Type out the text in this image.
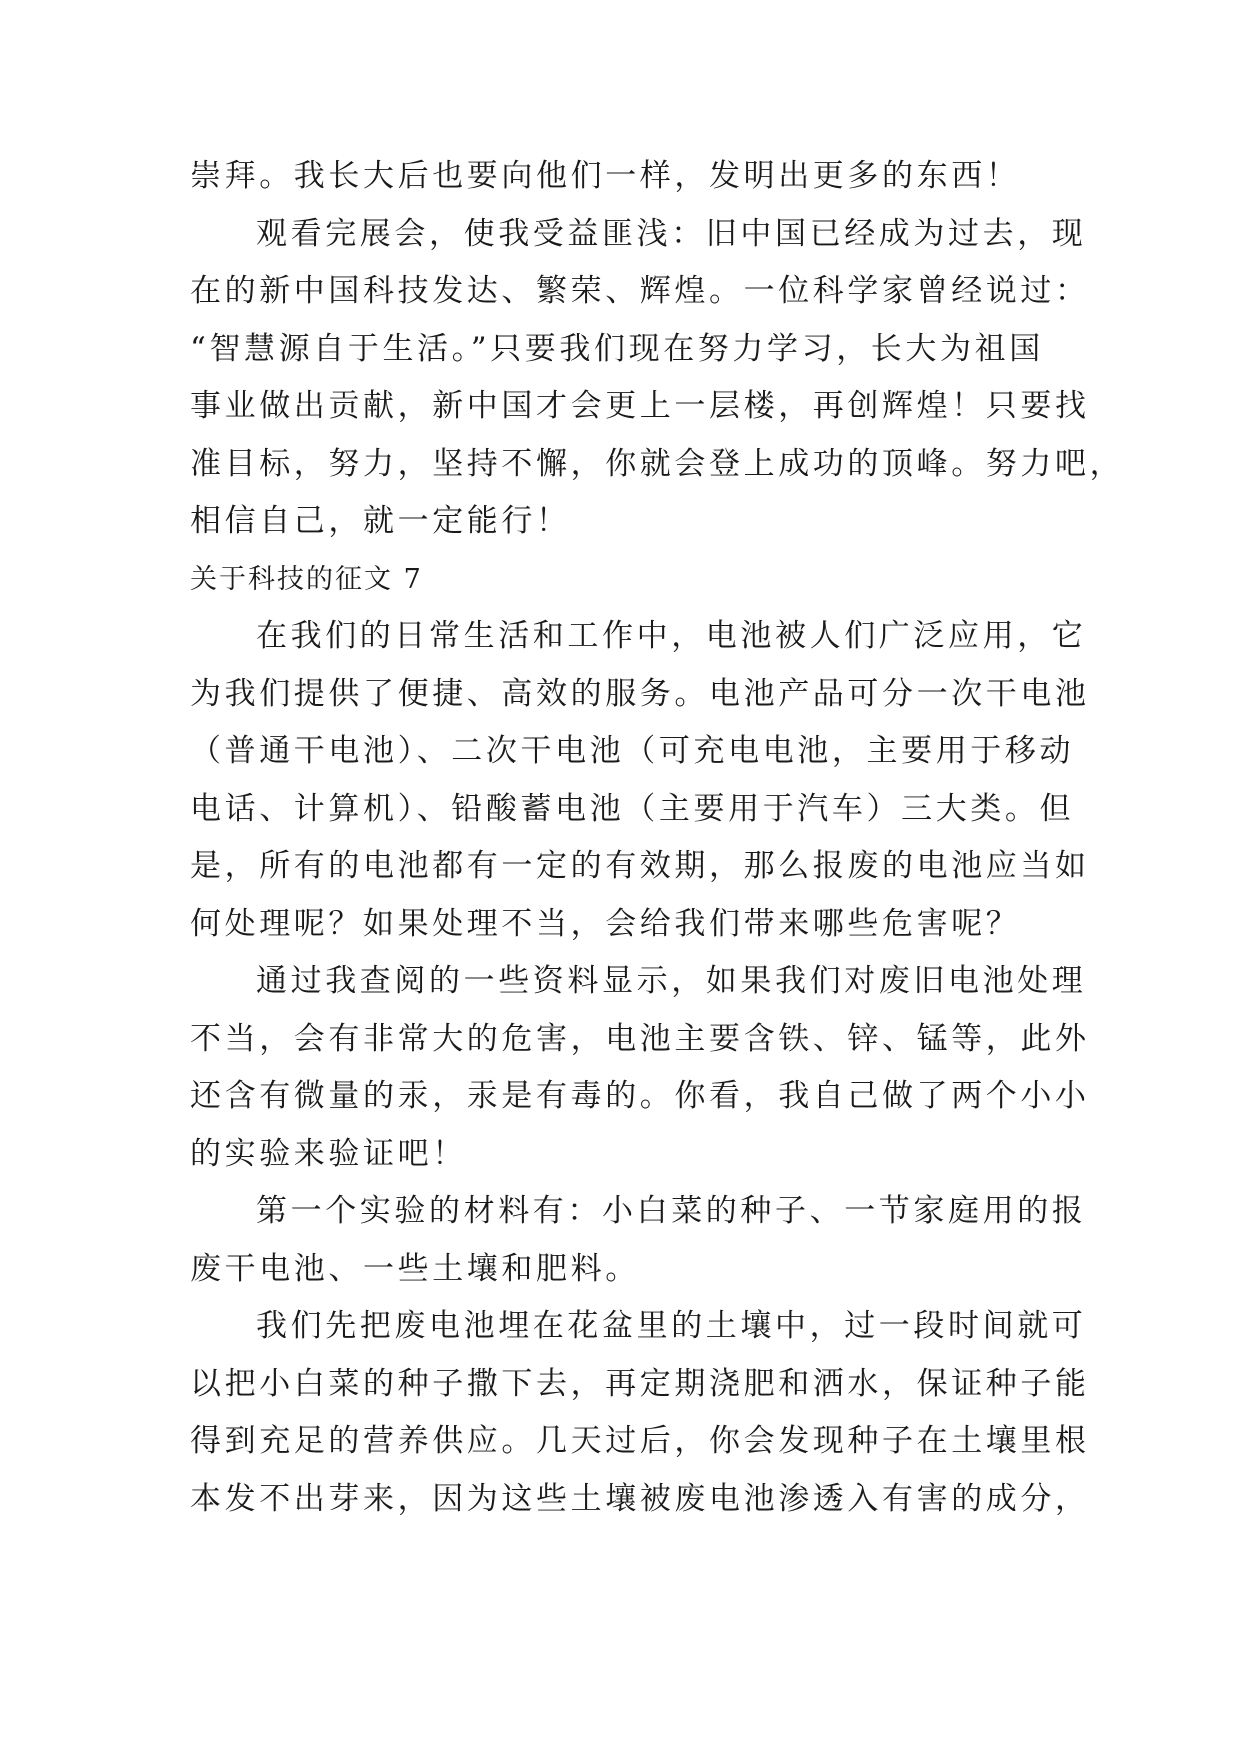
崇拜。我长大后也要向他们一样，发明出更多的东西！
观看完展会，使我受益匪浅：旧中国已经成为过去，现
在的新中国科技发达、繁荣、辉煌。一位科学家曾经说过：
“智慧源自于生活。”只要我们现在努力学习，长大为祖国
事业做出贡献，新中国才会更上一层楼，再创辉煌！只要找
准目标，努力，坚持不懈，你就会登上成功的顶峰。努力吧，
相信自己，就一定能行！
关于科技的征文 7
在我们的日常生活和工作中，电池被人们广泛应用，它
为我们提供了便捷、高效的服务。电池产品可分一次干电池
（普通干电池）、二次干电池（可充电电池，主要用于移动
电话、计算机）、铅酸蓄电池（主要用于汽车）三大类。但
是，所有的电池都有一定的有效期，那么报废的电池应当如
何处理呢？如果处理不当，会给我们带来哪些危害呢？
通过我查阅的一些资料显示，如果我们对废旧电池处理
不当，会有非常大的危害，电池主要含铁、锌、锰等，此外
还含有微量的汞，汞是有毒的。你看，我自己做了两个小小
的实验来验证吧！
第一个实验的材料有：小白菜的种子、一节家庭用的报
废干电池、一些土壤和肥料。
我们先把废电池埋在花盆里的土壤中，过一段时间就可
以把小白菜的种子撒下去，再定期浇肥和洒水，保证种子能
得到充足的营养供应。几天过后，你会发现种子在土壤里根
本发不出芽来，因为这些土壤被废电池渗透入有害的成分，
